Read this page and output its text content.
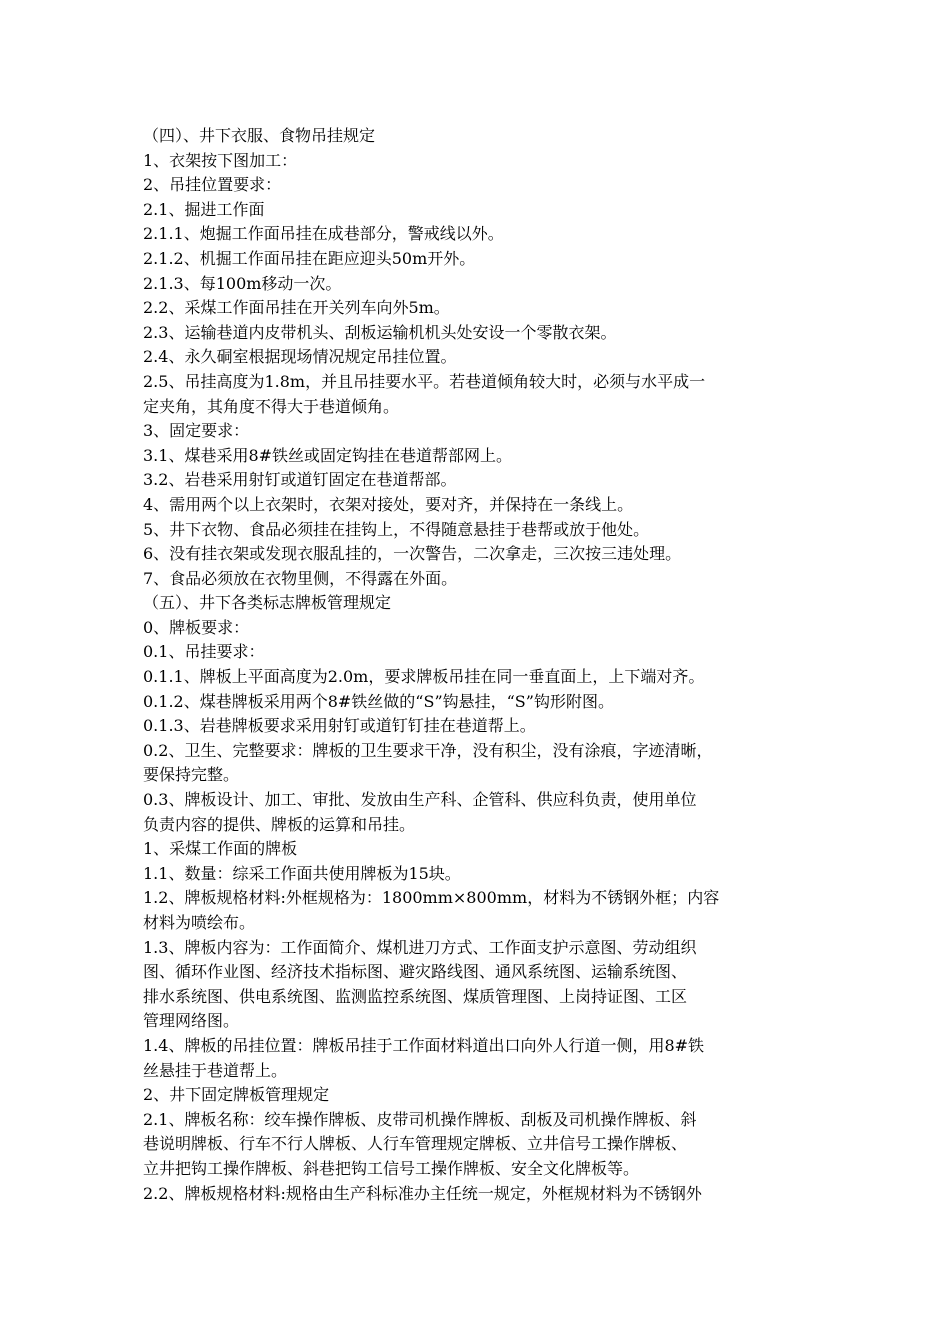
（四）、井下衣服、食物吊挂规定

1、衣架按下图加工：

2、吊挂位置要求：

2.1、掘进工作面

2.1.1、炮掘工作面吊挂在成巷部分，警戒线以外。

2.1.2、机掘工作面吊挂在距应迎头50m开外。

2.1.3、每100m移动一次。

2.2、采煤工作面吊挂在开关列车向外5m。

2.3、运输巷道内皮带机头、刮板运输机机头处安设一个零散衣架。

2.4、永久硐室根据现场情况规定吊挂位置。

2.5、吊挂高度为1.8m，并且吊挂要水平。若巷道倾角较大时，必须与水平成一

定夹角，其角度不得大于巷道倾角。

3、固定要求：

3.1、煤巷采用8#铁丝或固定钩挂在巷道帮部网上。

3.2、岩巷采用射钉或道钉固定在巷道帮部。

4、需用两个以上衣架时，衣架对接处，要对齐，并保持在一条线上。

5、井下衣物、食品必须挂在挂钩上，不得随意悬挂于巷帮或放于他处。

6、没有挂衣架或发现衣服乱挂的，一次警告，二次拿走，三次按三违处理。

7、食品必须放在衣物里侧，不得露在外面。

（五）、井下各类标志牌板管理规定

0、牌板要求：

0.1、吊挂要求：

0.1.1、牌板上平面高度为2.0m，要求牌板吊挂在同一垂直面上，上下端对齐。

0.1.2、煤巷牌板采用两个8#铁丝做的“S”钩悬挂，“S”钩形附图。

0.1.3、岩巷牌板要求采用射钉或道钉钉挂在巷道帮上。

0.2、卫生、完整要求：牌板的卫生要求干净，没有积尘，没有涂痕，字迹清晰，

要保持完整。

0.3、牌板设计、加工、审批、发放由生产科、企管科、供应科负责，使用单位

负责内容的提供、牌板的运算和吊挂。

1、采煤工作面的牌板

1.1、数量：综采工作面共使用牌板为15块。

1.2、牌板规格材料:外框规格为：1800mm×800mm，材料为不锈钢外框；内容

材料为喷绘布。

1.3、牌板内容为：工作面简介、煤机进刀方式、工作面支护示意图、劳动组织

图、循环作业图、经济技术指标图、避灾路线图、通风系统图、运输系统图、

排水系统图、供电系统图、监测监控系统图、煤质管理图、上岗持证图、工区

管理网络图。

1.4、牌板的吊挂位置：牌板吊挂于工作面材料道出口向外人行道一侧，用8#铁

丝悬挂于巷道帮上。

2、井下固定牌板管理规定

2.1、牌板名称：绞车操作牌板、皮带司机操作牌板、刮板及司机操作牌板、斜

巷说明牌板、行车不行人牌板、人行车管理规定牌板、立井信号工操作牌板、

立井把钩工操作牌板、斜巷把钩工信号工操作牌板、安全文化牌板等。

2.2、牌板规格材料:规格由生产科标准办主任统一规定，外框规材料为不锈钢外
